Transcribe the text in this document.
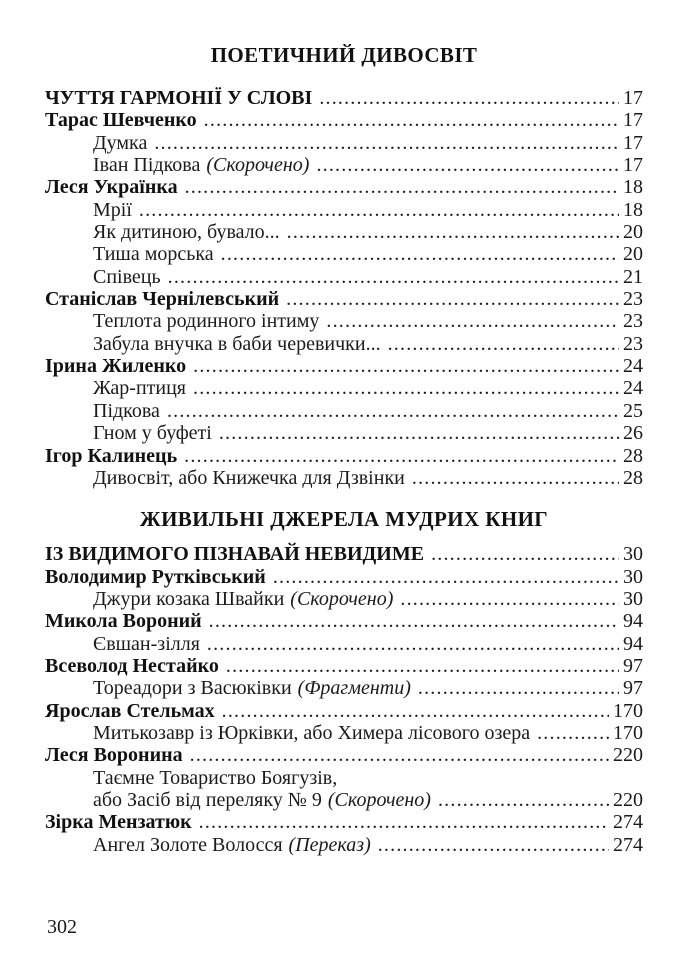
ПОЕТИЧНИЙ ДИВОСВІТ
ЧУТТЯ ГАРМОНІЇ У СЛОВІ .....	17
Тарас Шевченко .....	17
Думка .....	17
Іван Підкова (Скорочено) .....	17
Леся Українка .....	18
Мрії .....	18
Як дитиною, бувало... .....	20
Тиша морська .....	20
Співець .....	21
Станіслав Чернілевський .....	23
Теплота родинного інтиму .....	23
Забула внучка в баби черевички... .....	23
Ірина Жиленко .....	24
Жар-птиця .....	24
Підкова .....	25
Гном у буфеті .....	26
Ігор Калинець .....	28
Дивосвіт, або Книжечка для Дзвінки .....	28
ЖИВИЛЬНІ ДЖЕРЕЛА МУДРИХ КНИГ
ІЗ ВИДИМОГО ПІЗНАВАЙ НЕВИДИМЕ .....	30
Володимир Рутківський .....	30
Джури козака Швайки (Скорочено) .....	30
Микола Вороний .....	94
Євшан-зілля .....	94
Всеволод Нестайко .....	97
Тореадори з Васюківки (Фрагменти) .....	97
Ярослав Стельмах .....	170
Митькозавр із Юрківки, або Химера лісового озера .....	170
Леся Воронина .....	220
Таємне Товариство Боягузів,
або Засіб від переляку № 9 (Скорочено) .....	220
Зірка Мензатюк .....	274
Ангел Золоте Волосся (Переказ) .....	274
302
